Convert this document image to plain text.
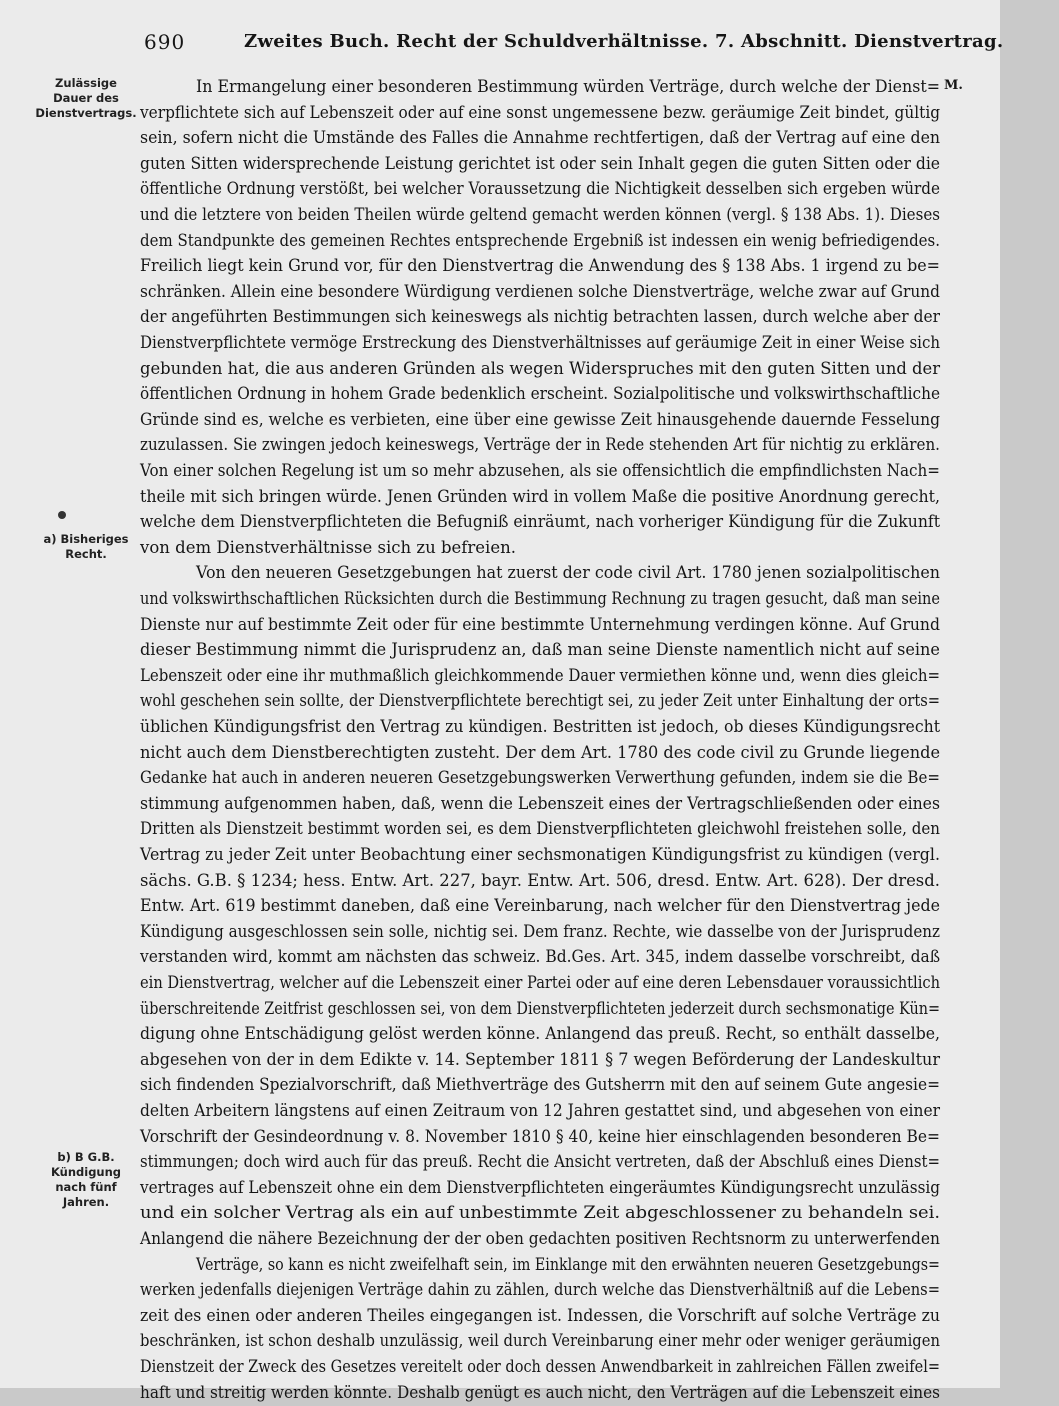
690	Zweites Buch. Recht der Schuldverhältnisse. 7. Abschnitt. Dienstvertrag.
Zulässige
Dauer des
Dienstvertrags.
a) Bisheriges
Recht.
b) B G.B.
Kündigung
nach fünf
Jahren.
M.
In Ermangelung einer besonderen Bestimmung würden Verträge, durch welche der Dienst=
verpflichtete sich auf Lebenszeit oder auf eine sonst ungemessene bezw. geräumige Zeit bindet, gültig
sein, sofern nicht die Umstände des Falles die Annahme rechtfertigen, daß der Vertrag auf eine den
guten Sitten widersprechende Leistung gerichtet ist oder sein Inhalt gegen die guten Sitten oder die
öffentliche Ordnung verstößt, bei welcher Voraussetzung die Nichtigkeit desselben sich ergeben würde
und die letztere von beiden Theilen würde geltend gemacht werden können (vergl. § 138 Abs. 1). Dieses
dem Standpunkte des gemeinen Rechtes entsprechende Ergebniß ist indessen ein wenig befriedigendes.
Freilich liegt kein Grund vor, für den Dienstvertrag die Anwendung des § 138 Abs. 1 irgend zu be=
schränken. Allein eine besondere Würdigung verdienen solche Dienstverträge, welche zwar auf Grund
der angeführten Bestimmungen sich keineswegs als nichtig betrachten lassen, durch welche aber der
Dienstverpflichtete vermöge Erstreckung des Dienstverhältnisses auf geräumige Zeit in einer Weise sich
gebunden hat, die aus anderen Gründen als wegen Widerspruches mit den guten Sitten und der
öffentlichen Ordnung in hohem Grade bedenklich erscheint. Sozialpolitische und volkswirthschaftliche
Gründe sind es, welche es verbieten, eine über eine gewisse Zeit hinausgehende dauernde Fesselung
zuzulassen. Sie zwingen jedoch keineswegs, Verträge der in Rede stehenden Art für nichtig zu erklären.
Von einer solchen Regelung ist um so mehr abzusehen, als sie offensichtlich die empfindlichsten Nach=
theile mit sich bringen würde. Jenen Gründen wird in vollem Maße die positive Anordnung gerecht,
welche dem Dienstverpflichteten die Befugniß einräumt, nach vorheriger Kündigung für die Zukunft
von dem Dienstverhältnisse sich zu befreien.
Von den neueren Gesetzgebungen hat zuerst der code civil Art. 1780 jenen sozialpolitischen
und volkswirthschaftlichen Rücksichten durch die Bestimmung Rechnung zu tragen gesucht, daß man seine
Dienste nur auf bestimmte Zeit oder für eine bestimmte Unternehmung verdingen könne. Auf Grund
dieser Bestimmung nimmt die Jurisprudenz an, daß man seine Dienste namentlich nicht auf seine
Lebenszeit oder eine ihr muthmaßlich gleichkommende Dauer vermiethen könne und, wenn dies gleich=
wohl geschehen sein sollte, der Dienstverpflichtete berechtigt sei, zu jeder Zeit unter Einhaltung der orts=
üblichen Kündigungsfrist den Vertrag zu kündigen. Bestritten ist jedoch, ob dieses Kündigungsrecht
nicht auch dem Dienstberechtigten zusteht. Der dem Art. 1780 des code civil zu Grunde liegende
Gedanke hat auch in anderen neueren Gesetzgebungswerken Verwerthung gefunden, indem sie die Be=
stimmung aufgenommen haben, daß, wenn die Lebenszeit eines der Vertragschließenden oder eines
Dritten als Dienstzeit bestimmt worden sei, es dem Dienstverpflichteten gleichwohl freistehen solle, den
Vertrag zu jeder Zeit unter Beobachtung einer sechsmonatigen Kündigungsfrist zu kündigen (vergl.
sächs. G.B. § 1234; hess. Entw. Art. 227, bayr. Entw. Art. 506, dresd. Entw. Art. 628). Der dresd.
Entw. Art. 619 bestimmt daneben, daß eine Vereinbarung, nach welcher für den Dienstvertrag jede
Kündigung ausgeschlossen sein solle, nichtig sei. Dem franz. Rechte, wie dasselbe von der Jurisprudenz
verstanden wird, kommt am nächsten das schweiz. Bd.Ges. Art. 345, indem dasselbe vorschreibt, daß
ein Dienstvertrag, welcher auf die Lebenszeit einer Partei oder auf eine deren Lebensdauer voraussichtlich
überschreitende Zeitfrist geschlossen sei, von dem Dienstverpflichteten jederzeit durch sechsmonatige Kün=
digung ohne Entschädigung gelöst werden könne. Anlangend das preuß. Recht, so enthält dasselbe,
abgesehen von der in dem Edikte v. 14. September 1811 § 7 wegen Beförderung der Landeskultur
sich findenden Spezialvorschrift, daß Miethverträge des Gutsherrn mit den auf seinem Gute angesie=
delten Arbeitern längstens auf einen Zeitraum von 12 Jahren gestattet sind, und abgesehen von einer
Vorschrift der Gesindeordnung v. 8. November 1810 § 40, keine hier einschlagenden besonderen Be=
stimmungen; doch wird auch für das preuß. Recht die Ansicht vertreten, daß der Abschluß eines Dienst=
vertrages auf Lebenszeit ohne ein dem Dienstverpflichteten eingeräumtes Kündigungsrecht unzulässig
und ein solcher Vertrag als ein auf unbestimmte Zeit abgeschlossener zu behandeln sei.
Anlangend die nähere Bezeichnung der der oben gedachten positiven Rechtsnorm zu unterwerfenden
Verträge, so kann es nicht zweifelhaft sein, im Einklange mit den erwähnten neueren Gesetzgebungs=
werken jedenfalls diejenigen Verträge dahin zu zählen, durch welche das Dienstverhältniß auf die Lebens=
zeit des einen oder anderen Theiles eingegangen ist. Indessen, die Vorschrift auf solche Verträge zu
beschränken, ist schon deshalb unzulässig, weil durch Vereinbarung einer mehr oder weniger geräumigen
Dienstzeit der Zweck des Gesetzes vereitelt oder doch dessen Anwendbarkeit in zahlreichen Fällen zweifel=
haft und streitig werden könnte. Deshalb genügt es auch nicht, den Verträgen auf die Lebenszeit eines
